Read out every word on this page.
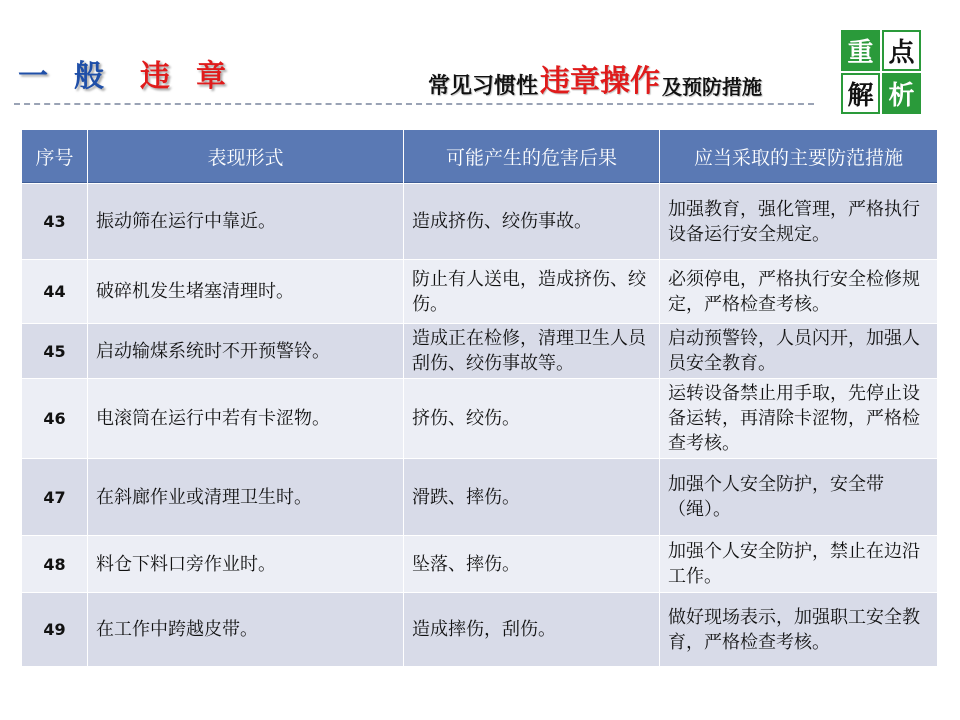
一 般 违 章	常见习惯性 违章操作 及预防措施
重 点
解 析
序号	表现形式	可能产生的危害后果	应当采取的主要防范措施
43	振动筛在运行中靠近。	造成挤伤、绞伤事故。	加强教育，强化管理，严格执行设备运行安全规定。
44	破碎机发生堵塞清理时。	防止有人送电，造成挤伤、绞伤。	必须停电，严格执行安全检修规定，严格检查考核。
45	启动输煤系统时不开预警铃。	造成正在检修，清理卫生人员刮伤、绞伤事故等。	启动预警铃，人员闪开，加强人员安全教育。
46	电滚筒在运行中若有卡涩物。	挤伤、绞伤。	运转设备禁止用手取，先停止设备运转，再清除卡涩物，严格检查考核。
47	在斜廊作业或清理卫生时。	滑跌、摔伤。	加强个人安全防护，安全带（绳）。
48	料仓下料口旁作业时。	坠落、摔伤。	加强个人安全防护，禁止在边沿工作。
49	在工作中跨越皮带。	造成摔伤，刮伤。	做好现场表示，加强职工安全教育，严格检查考核。
